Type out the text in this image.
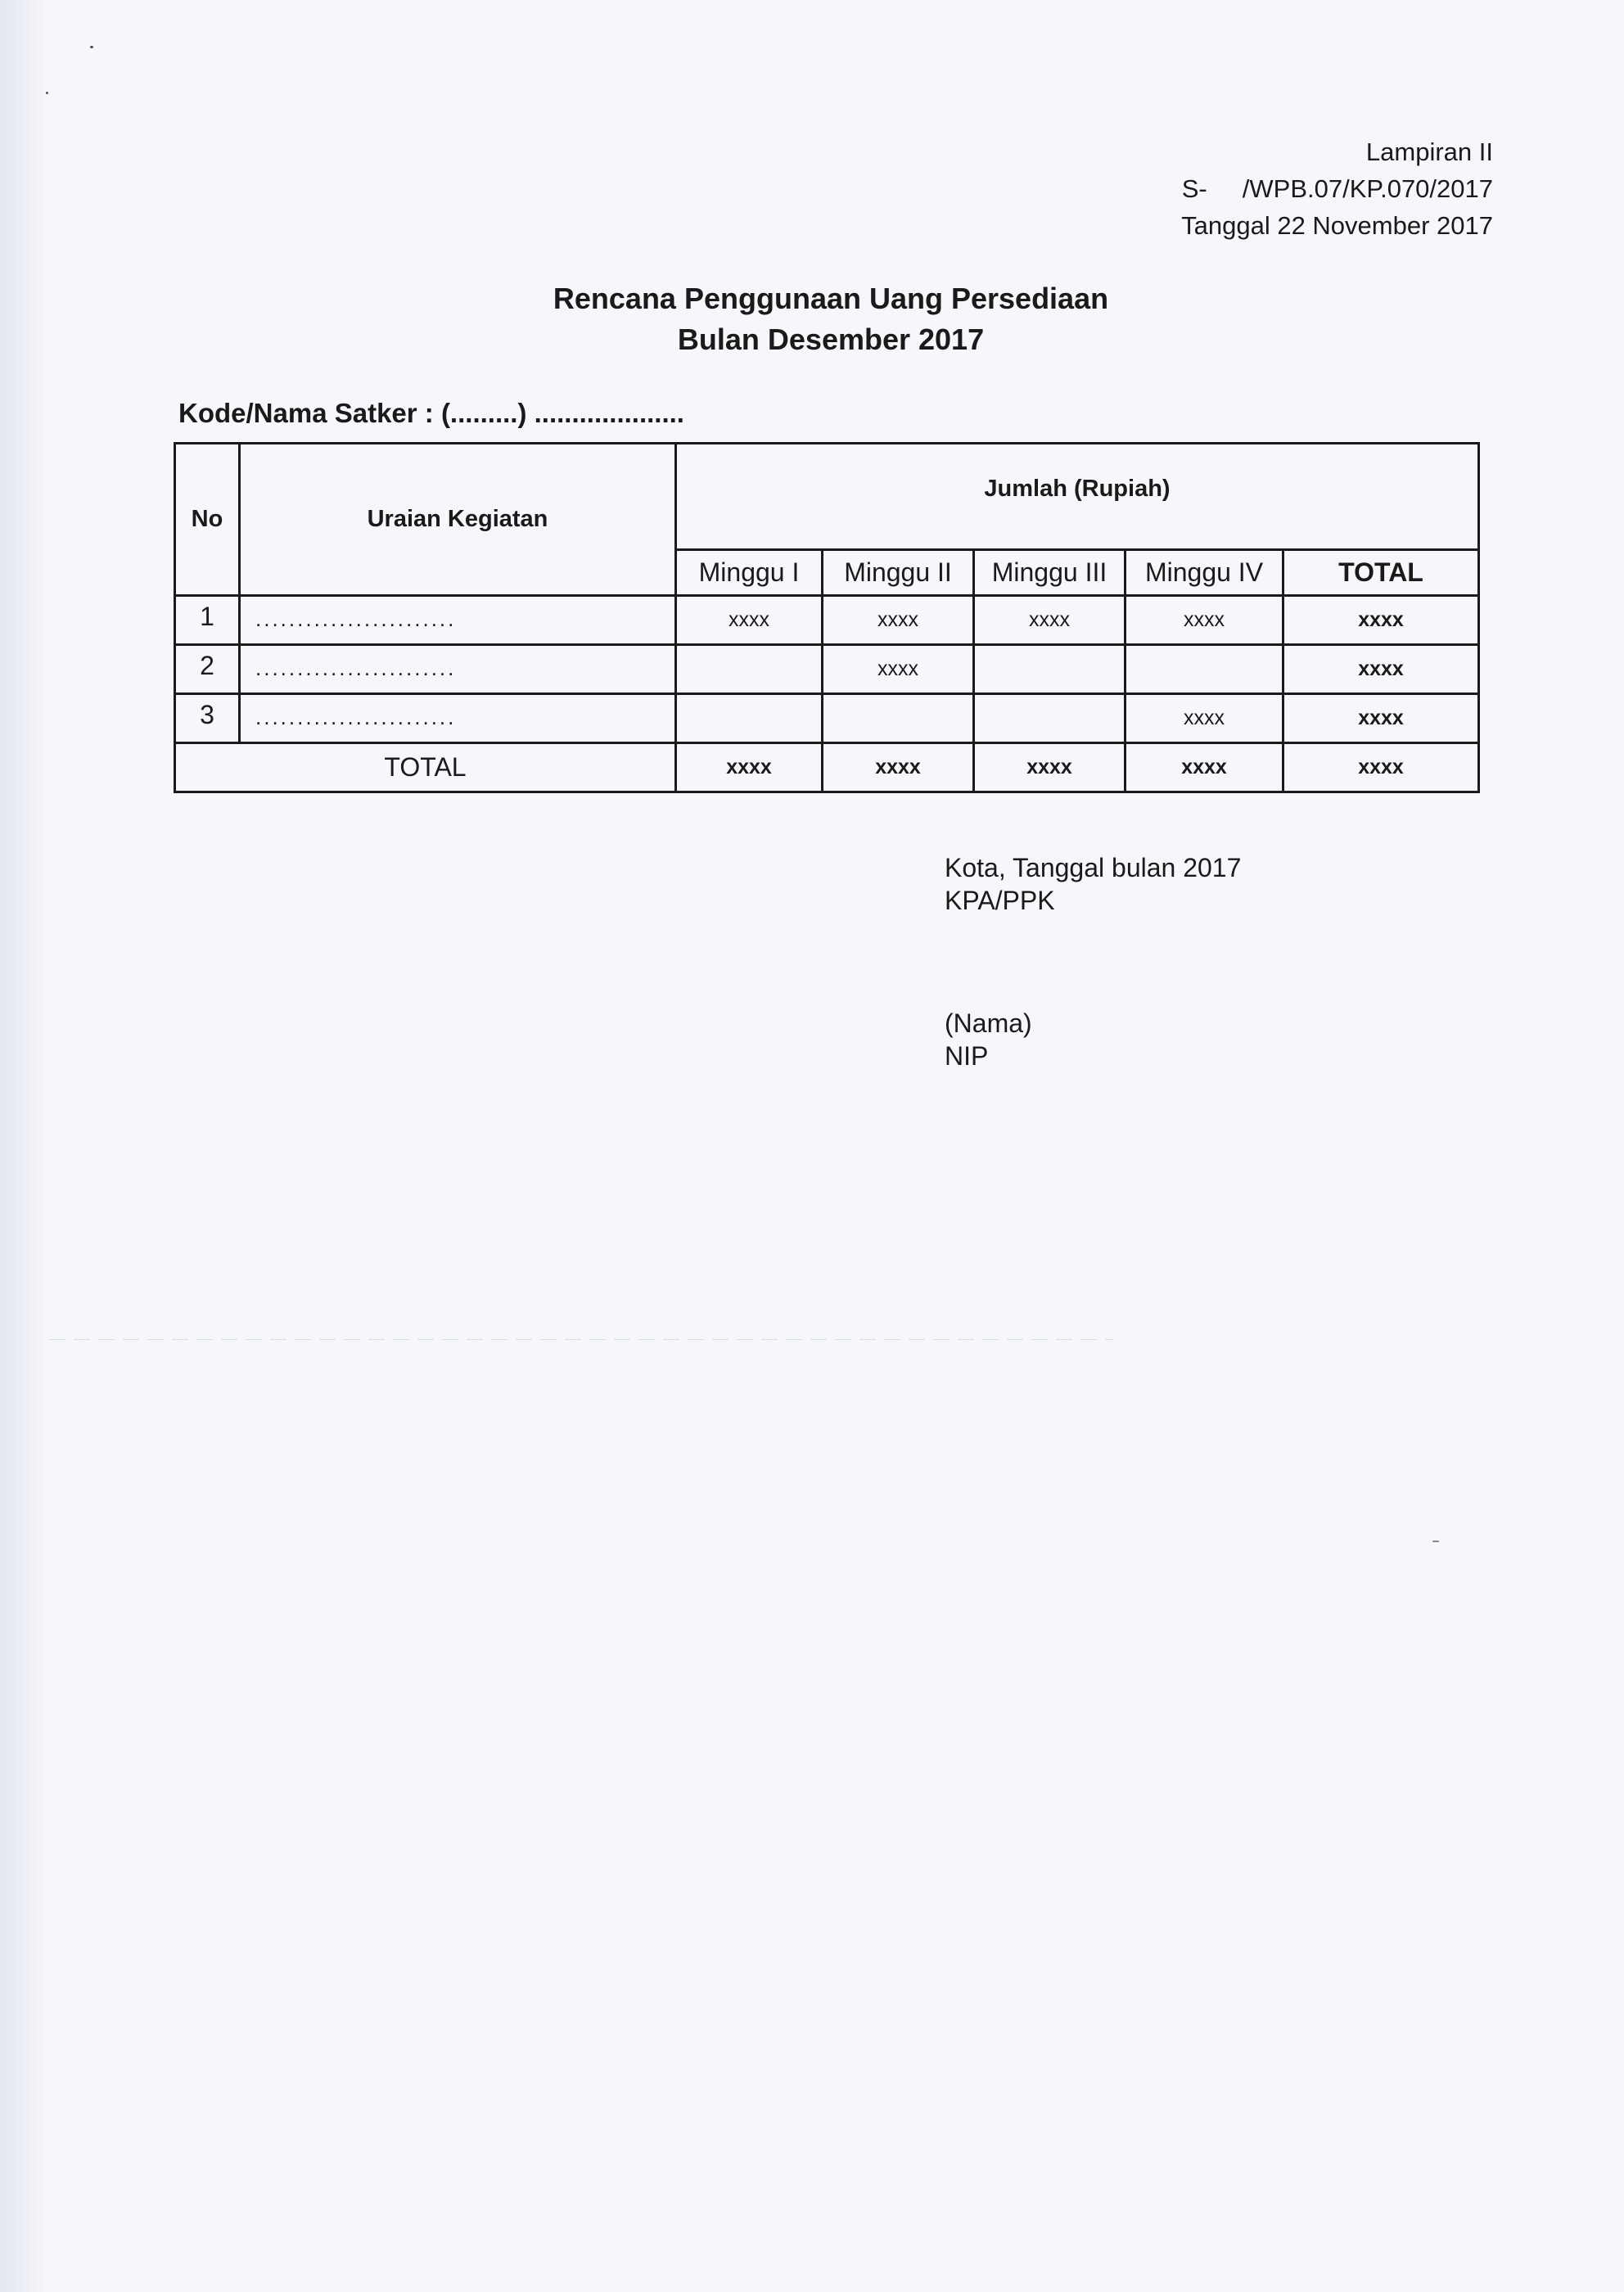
Lampiran II
S-     /WPB.07/KP.070/2017
Tanggal 22 November 2017
Rencana Penggunaan Uang Persediaan
Bulan Desember 2017
Kode/Nama Satker : (.........) ....................
No	Uraian Kegiatan	Jumlah (Rupiah)				
		Minggu I	Minggu II	Minggu III	Minggu IV	TOTAL
1	........................	xxxx	xxxx	xxxx	xxxx	xxxx
2	........................		xxxx			xxxx
3	........................				xxxx	xxxx
TOTAL		xxxx	xxxx	xxxx	xxxx	xxxx
Kota, Tanggal bulan 2017
KPA/PPK
(Nama)
NIP
